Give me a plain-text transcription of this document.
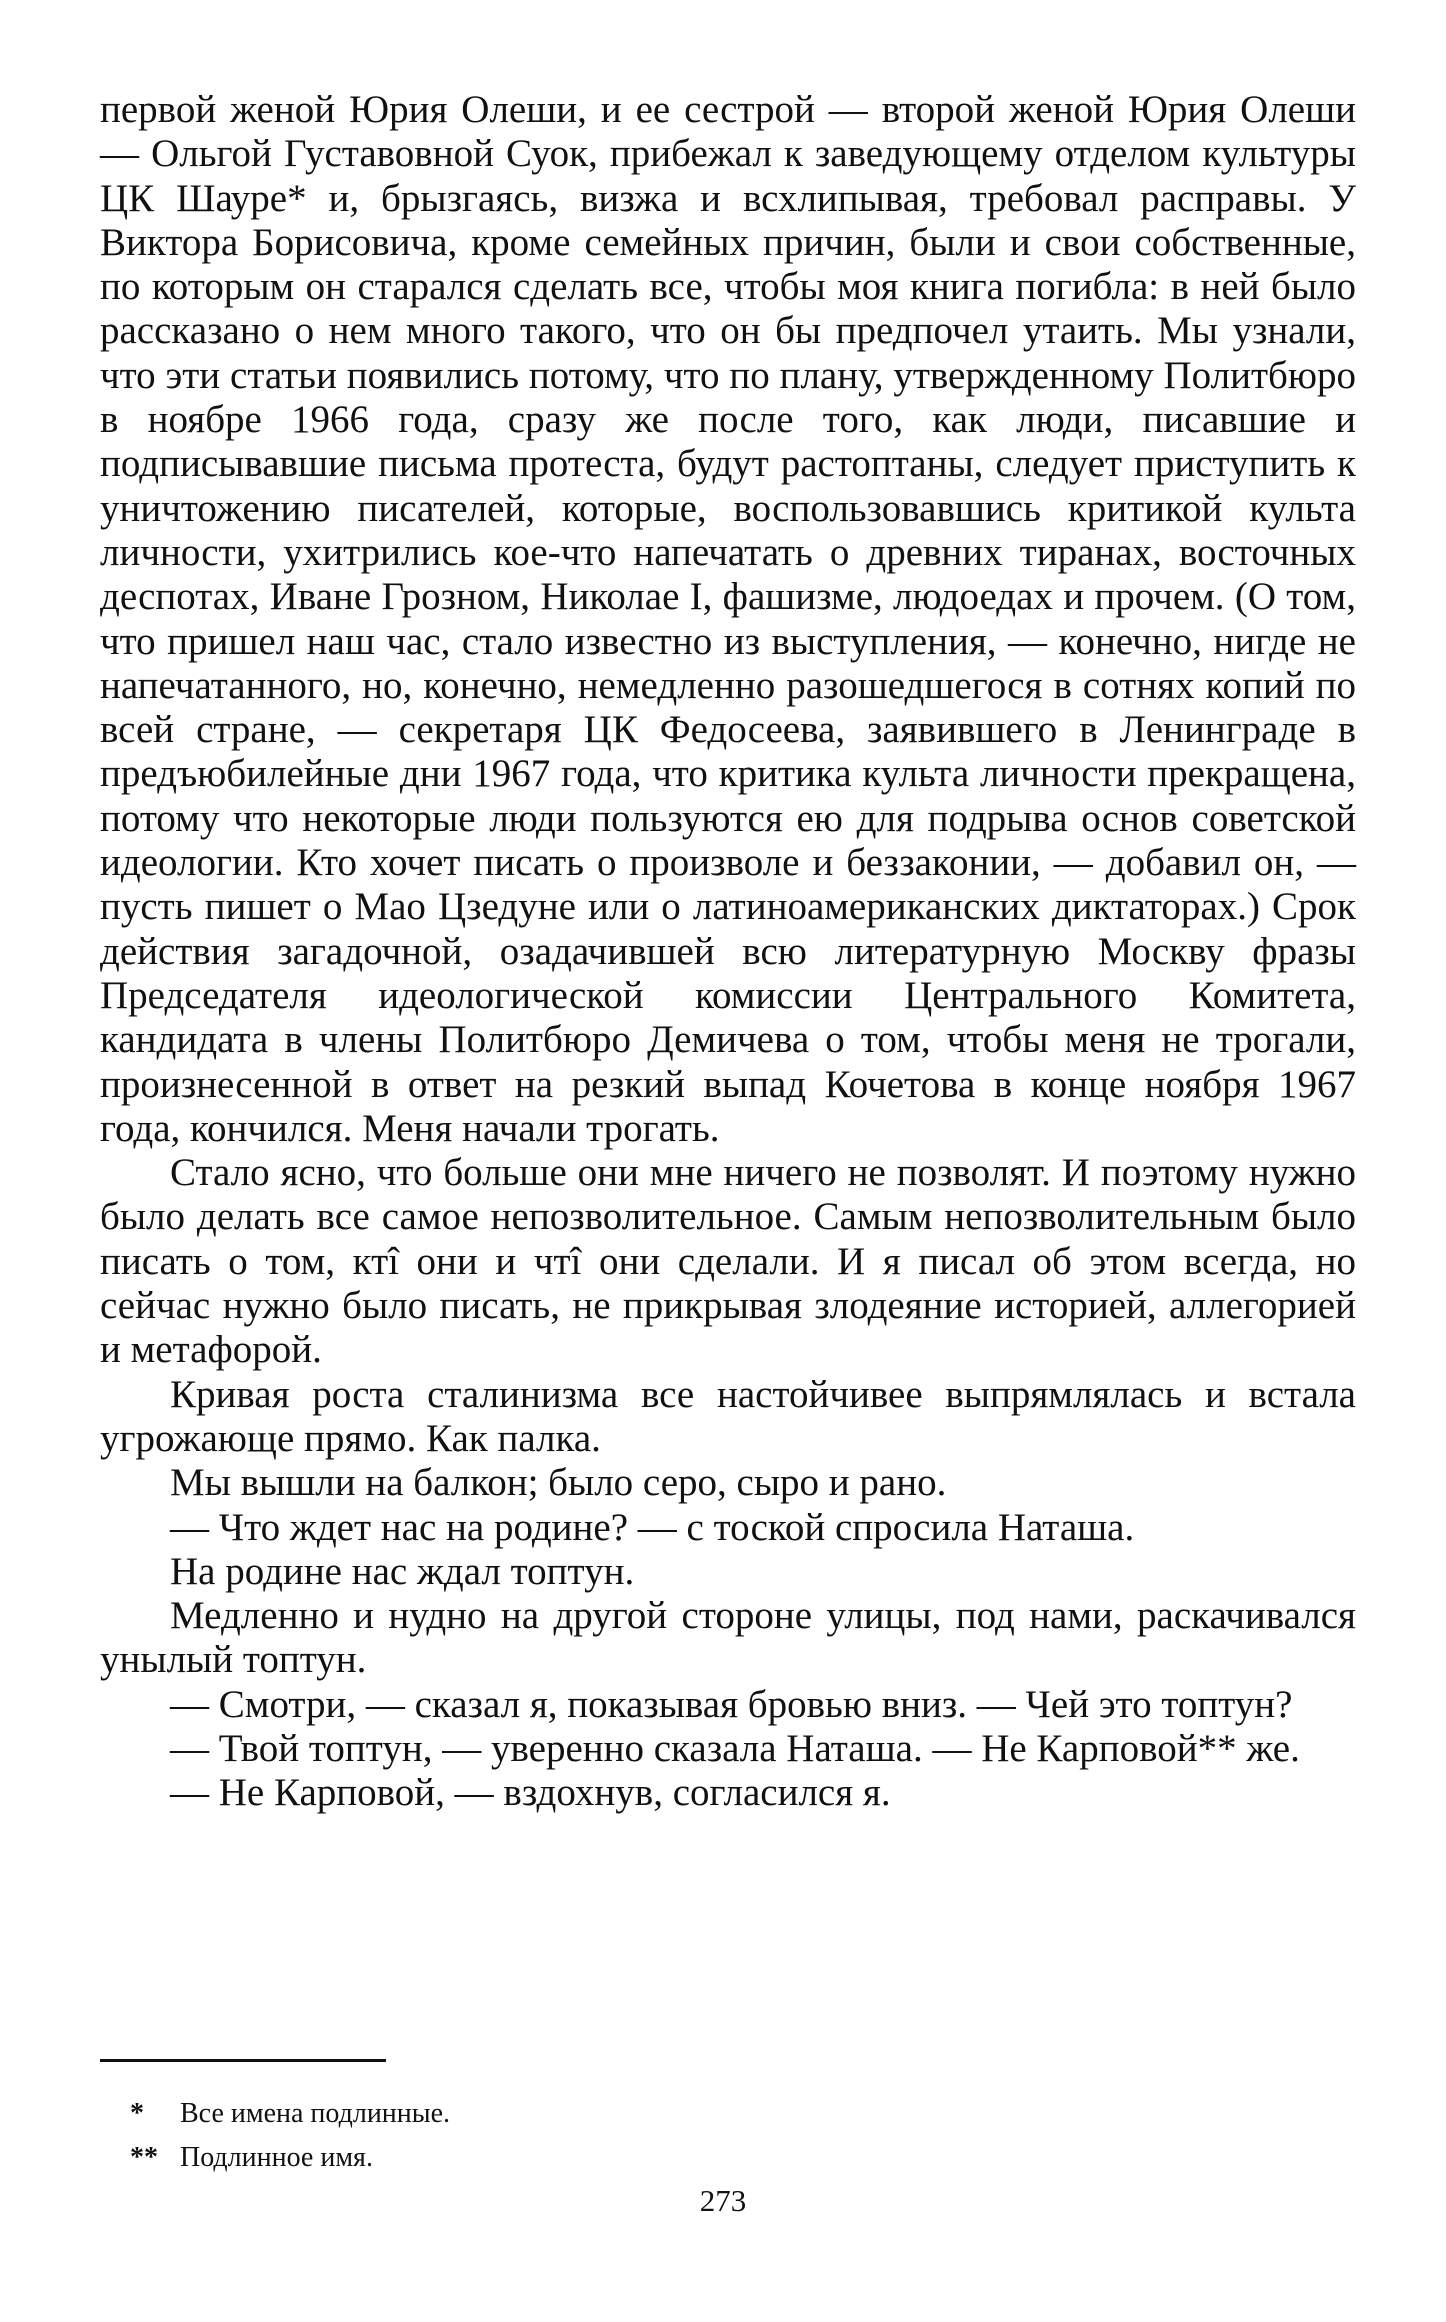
первой женой Юрия Олеши, и ее сестрой — второй женой Юрия Олеши — Ольгой Густавовной Суок, прибежал к заведующему отделом культуры ЦК Шауре* и, брызгаясь, визжа и всхлипывая, требовал расправы. У Виктора Борисовича, кроме семейных причин, были и свои собственные, по которым он старался сделать все, чтобы моя книга погибла: в ней было рассказано о нем много такого, что он бы предпочел утаить. Мы узнали, что эти статьи появились потому, что по плану, утвержденному Политбюро в ноябре 1966 года, сразу же после того, как люди, писавшие и подписывавшие письма протеста, будут растоптаны, следует приступить к уничтожению писателей, которые, воспользовавшись критикой культа личности, ухитрились кое-что напечатать о древних тиранах, восточных деспотах, Иване Грозном, Николае I, фашизме, людоедах и прочем. (О том, что пришел наш час, стало известно из выступления, — конечно, нигде не напечатанного, но, конечно, немедленно разошедшегося в сотнях копий по всей стране, — секретаря ЦК Федосеева, заявившего в Ленинграде в предъюбилейные дни 1967 года, что критика культа личности прекращена, потому что некоторые люди пользуются ею для подрыва основ советской идеологии. Кто хочет писать о произволе и беззаконии, — добавил он, — пусть пишет о Мао Цзедуне или о латиноамериканских диктаторах.) Срок действия загадочной, озадачившей всю литературную Москву фразы Председателя идеологической комиссии Центрального Комитета, кандидата в члены Политбюро Демичева о том, чтобы меня не трогали, произнесенной в ответ на резкий выпад Кочетова в конце ноября 1967 года, кончился. Меня начали трогать.

Стало ясно, что больше они мне ничего не позволят. И поэтому нужно было делать все самое непозволительное. Самым непозволительным было писать о том, ктî они и чтî они сделали. И я писал об этом всегда, но сейчас нужно было писать, не прикрывая злодеяние историей, аллегорией и метафорой.

Кривая роста сталинизма все настойчивее выпрямлялась и встала угрожающе прямо. Как палка.

Мы вышли на балкон; было серо, сыро и рано.

— Что ждет нас на родине? — с тоской спросила Наташа.

На родине нас ждал топтун.

Медленно и нудно на другой стороне улицы, под нами, раскачивался унылый топтун.

— Смотри, — сказал я, показывая бровью вниз. — Чей это топтун?

— Твой топтун, — уверенно сказала Наташа. — Не Карповой** же.

— Не Карповой, — вздохнув, согласился я.

* Все имена подлинные.
** Подлинное имя.
273
